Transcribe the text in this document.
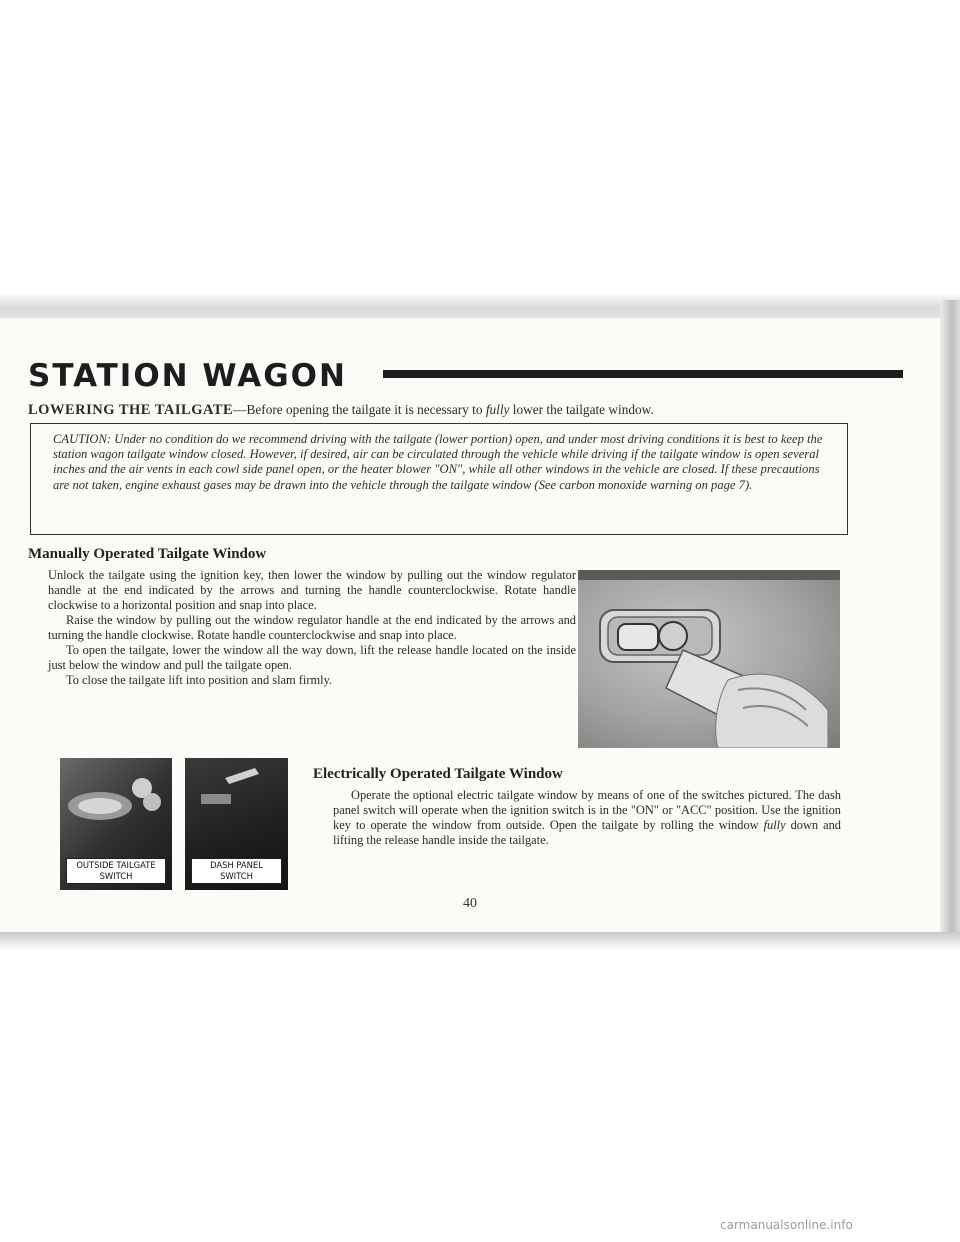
STATION WAGON
LOWERING THE TAILGATE—Before opening the tailgate it is necessary to fully lower the tailgate window.
CAUTION: Under no condition do we recommend driving with the tailgate (lower portion) open, and under most driving conditions it is best to keep the station wagon tailgate window closed. However, if desired, air can be circulated through the vehicle while driving if the tailgate window is open several inches and the air vents in each cowl side panel open, or the heater blower "ON", while all other windows in the vehicle are closed. If these precautions are not taken, engine exhaust gases may be drawn into the vehicle through the tailgate window (See carbon monoxide warning on page 7).
Manually Operated Tailgate Window

Unlock the tailgate using the ignition key, then lower the window by pulling out the window regulator handle at the end indicated by the arrows and turning the handle counterclockwise. Rotate handle clockwise to a horizontal position and snap into place.

Raise the window by pulling out the window regulator handle at the end indicated by the arrows and turning the handle clockwise. Rotate handle counterclockwise and snap into place.

To open the tailgate, lower the window all the way down, lift the release handle located on the inside just below the window and pull the tailgate open.

To close the tailgate lift into position and slam firmly.

OUTSIDE TAILGATE
SWITCH
DASH PANEL
SWITCH
Electrically Operated Tailgate Window
Operate the optional electric tailgate window by means of one of the switches pictured. The dash panel switch will operate when the ignition switch is in the "ON" or "ACC" position. Use the ignition key to operate the window from outside. Open the tailgate by rolling the window fully down and lifting the release handle inside the tailgate.
40
carmanualsonline.info
